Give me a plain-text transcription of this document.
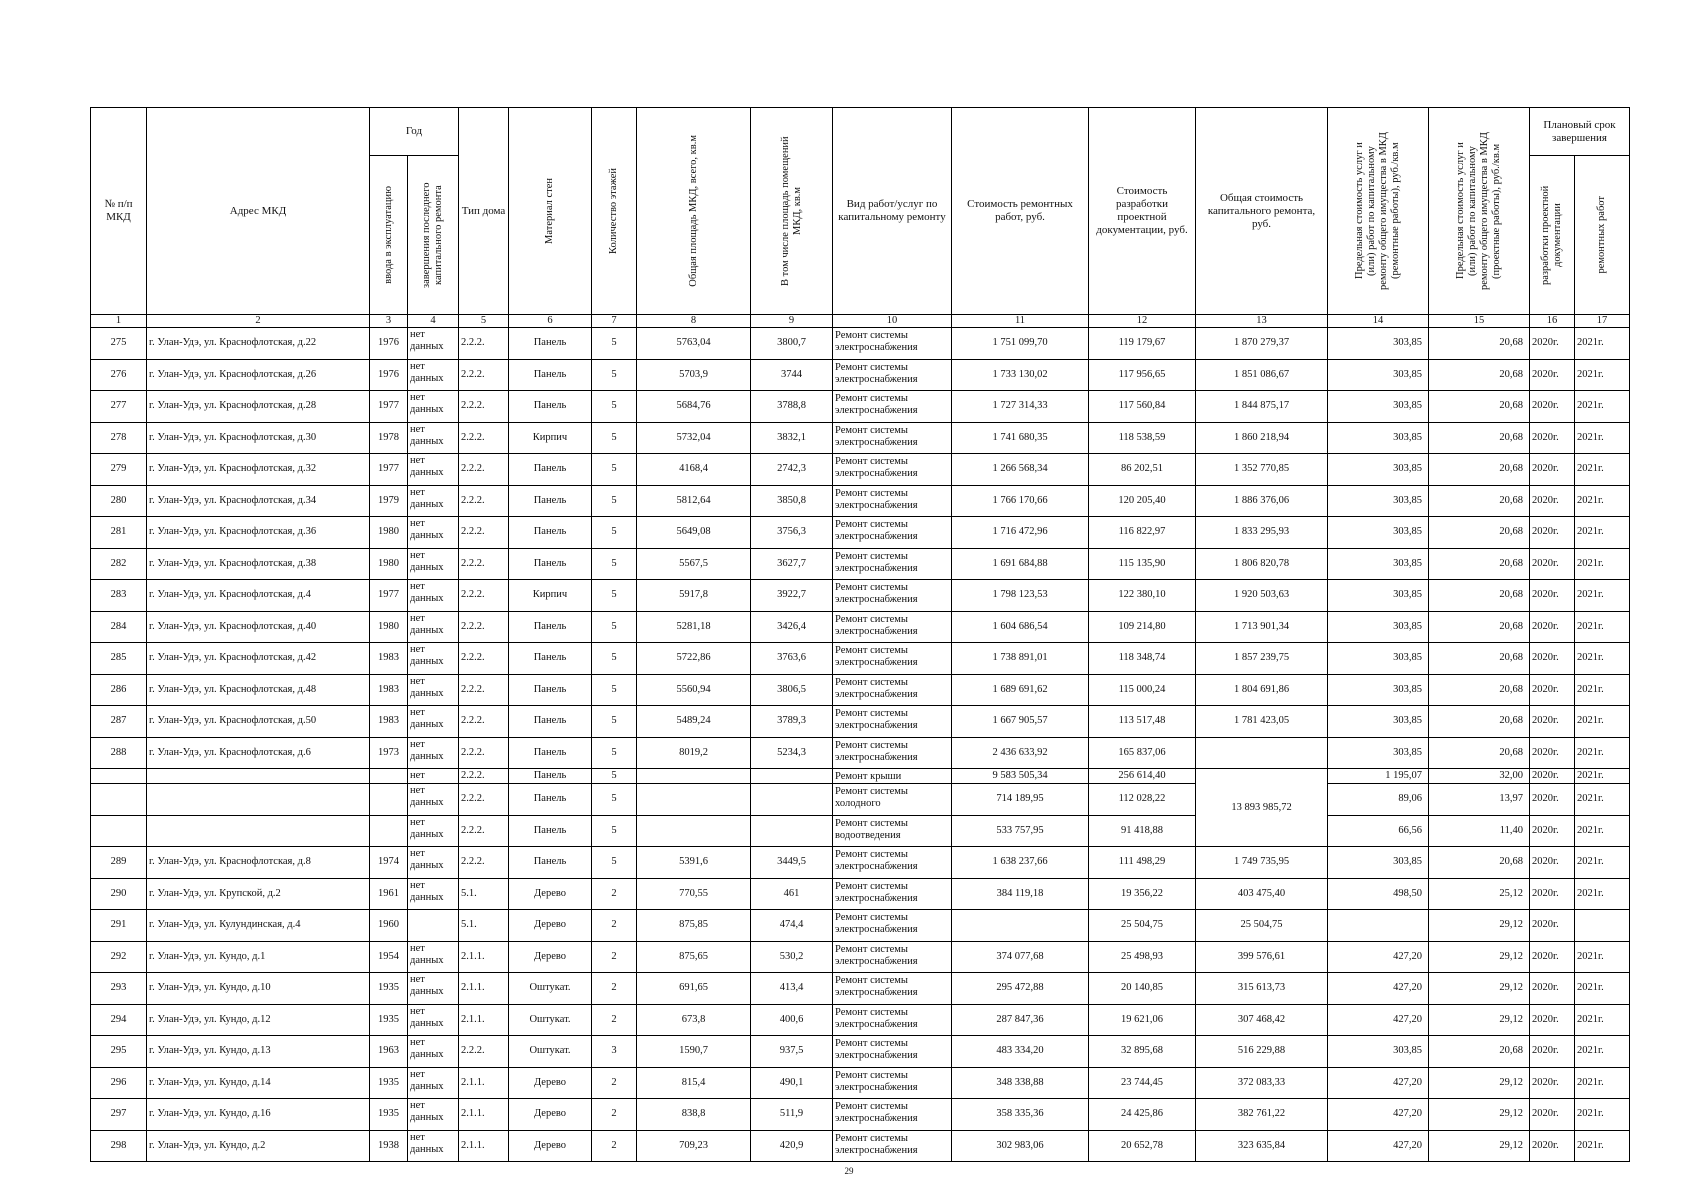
№ п/п МКД	Адрес МКД	Год		Тип дома	Материал стен	Количество этажей	Общая площадь МКД, всего, кв.м	В том числе площадь помещений МКД, кв.м	Вид работ/услуг по капитальному ремонту	Стоимость ремонтных работ, руб.	Стоимость разработки проектной документации, руб.	Общая стоимость капитального ремонта, руб.	Предельная стоимость услуг и (или) работ по капитальному ремонту общего имущества в МКД (ремонтные работы), руб./кв.м	Предельная стоимость услуг и (или) работ по капитальному ремонту общего имущества в МКД (проектные работы), руб./кв.м	Плановый срок завершения	

		ввода в эксплуатацию	завершения последнего капитального ремонта												разработки проектной документации	ремонтных работ

1	2	3	4	5	6	7	8	9	10	11	12	13	14	15	16	17
275	г. Улан-Удэ, ул. Краснофлотская, д.22	1976	нет данных	2.2.2.	Панель	5	5763,04	3800,7	Ремонт системы электроснабжения	1 751 099,70	119 179,67	1 870 279,37	303,85	20,68	2020г.	2021г.
276	г. Улан-Удэ, ул. Краснофлотская, д.26	1976	нет данных	2.2.2.	Панель	5	5703,9	3744	Ремонт системы электроснабжения	1 733 130,02	117 956,65	1 851 086,67	303,85	20,68	2020г.	2021г.
277	г. Улан-Удэ, ул. Краснофлотская, д.28	1977	нет данных	2.2.2.	Панель	5	5684,76	3788,8	Ремонт системы электроснабжения	1 727 314,33	117 560,84	1 844 875,17	303,85	20,68	2020г.	2021г.
278	г. Улан-Удэ, ул. Краснофлотская, д.30	1978	нет данных	2.2.2.	Кирпич	5	5732,04	3832,1	Ремонт системы электроснабжения	1 741 680,35	118 538,59	1 860 218,94	303,85	20,68	2020г.	2021г.
279	г. Улан-Удэ, ул. Краснофлотская, д.32	1977	нет данных	2.2.2.	Панель	5	4168,4	2742,3	Ремонт системы электроснабжения	1 266 568,34	86 202,51	1 352 770,85	303,85	20,68	2020г.	2021г.
280	г. Улан-Удэ, ул. Краснофлотская, д.34	1979	нет данных	2.2.2.	Панель	5	5812,64	3850,8	Ремонт системы электроснабжения	1 766 170,66	120 205,40	1 886 376,06	303,85	20,68	2020г.	2021г.
281	г. Улан-Удэ, ул. Краснофлотская, д.36	1980	нет данных	2.2.2.	Панель	5	5649,08	3756,3	Ремонт системы электроснабжения	1 716 472,96	116 822,97	1 833 295,93	303,85	20,68	2020г.	2021г.
282	г. Улан-Удэ, ул. Краснофлотская, д.38	1980	нет данных	2.2.2.	Панель	5	5567,5	3627,7	Ремонт системы электроснабжения	1 691 684,88	115 135,90	1 806 820,78	303,85	20,68	2020г.	2021г.
283	г. Улан-Удэ, ул. Краснофлотская, д.4	1977	нет данных	2.2.2.	Кирпич	5	5917,8	3922,7	Ремонт системы электроснабжения	1 798 123,53	122 380,10	1 920 503,63	303,85	20,68	2020г.	2021г.
284	г. Улан-Удэ, ул. Краснофлотская, д.40	1980	нет данных	2.2.2.	Панель	5	5281,18	3426,4	Ремонт системы электроснабжения	1 604 686,54	109 214,80	1 713 901,34	303,85	20,68	2020г.	2021г.
285	г. Улан-Удэ, ул. Краснофлотская, д.42	1983	нет данных	2.2.2.	Панель	5	5722,86	3763,6	Ремонт системы электроснабжения	1 738 891,01	118 348,74	1 857 239,75	303,85	20,68	2020г.	2021г.
286	г. Улан-Удэ, ул. Краснофлотская, д.48	1983	нет данных	2.2.2.	Панель	5	5560,94	3806,5	Ремонт системы электроснабжения	1 689 691,62	115 000,24	1 804 691,86	303,85	20,68	2020г.	2021г.
287	г. Улан-Удэ, ул. Краснофлотская, д.50	1983	нет данных	2.2.2.	Панель	5	5489,24	3789,3	Ремонт системы электроснабжения	1 667 905,57	113 517,48	1 781 423,05	303,85	20,68	2020г.	2021г.
288	г. Улан-Удэ, ул. Краснофлотская, д.6	1973	нет данных	2.2.2.	Панель	5	8019,2	5234,3	Ремонт системы электроснабжения	2 436 633,92	165 837,06		303,85	20,68	2020г.	2021г.
			нет	2.2.2.	Панель	5			Ремонт крыши	9 583 505,34	256 614,40	13 893 985,72	1 195,07	32,00	2020г.	2021г.
			нет данных	2.2.2.	Панель	5			Ремонт системы холодного	714 189,95	112 028,22		89,06	13,97	2020г.	2021г.
			нет данных	2.2.2.	Панель	5			Ремонт системы водоотведения	533 757,95	91 418,88		66,56	11,40	2020г.	2021г.
289	г. Улан-Удэ, ул. Краснофлотская, д.8	1974	нет данных	2.2.2.	Панель	5	5391,6	3449,5	Ремонт системы электроснабжения	1 638 237,66	111 498,29	1 749 735,95	303,85	20,68	2020г.	2021г.
290	г. Улан-Удэ, ул. Крупской, д.2	1961	нет данных	5.1.	Дерево	2	770,55	461	Ремонт системы электроснабжения	384 119,18	19 356,22	403 475,40	498,50	25,12	2020г.	2021г.
291	г. Улан-Удэ, ул. Кулундинская, д.4	1960		5.1.	Дерево	2	875,85	474,4	Ремонт системы электроснабжения		25 504,75	25 504,75		29,12	2020г.	
292	г. Улан-Удэ, ул. Кундо, д.1	1954	нет данных	2.1.1.	Дерево	2	875,65	530,2	Ремонт системы электроснабжения	374 077,68	25 498,93	399 576,61	427,20	29,12	2020г.	2021г.
293	г. Улан-Удэ, ул. Кундо, д.10	1935	нет данных	2.1.1.	Оштукат.	2	691,65	413,4	Ремонт системы электроснабжения	295 472,88	20 140,85	315 613,73	427,20	29,12	2020г.	2021г.
294	г. Улан-Удэ, ул. Кундо, д.12	1935	нет данных	2.1.1.	Оштукат.	2	673,8	400,6	Ремонт системы электроснабжения	287 847,36	19 621,06	307 468,42	427,20	29,12	2020г.	2021г.
295	г. Улан-Удэ, ул. Кундо, д.13	1963	нет данных	2.2.2.	Оштукат.	3	1590,7	937,5	Ремонт системы электроснабжения	483 334,20	32 895,68	516 229,88	303,85	20,68	2020г.	2021г.
296	г. Улан-Удэ, ул. Кундо, д.14	1935	нет данных	2.1.1.	Дерево	2	815,4	490,1	Ремонт системы электроснабжения	348 338,88	23 744,45	372 083,33	427,20	29,12	2020г.	2021г.
297	г. Улан-Удэ, ул. Кундо, д.16	1935	нет данных	2.1.1.	Дерево	2	838,8	511,9	Ремонт системы электроснабжения	358 335,36	24 425,86	382 761,22	427,20	29,12	2020г.	2021г.
298	г. Улан-Удэ, ул. Кундо, д.2	1938	нет данных	2.1.1.	Дерево	2	709,23	420,9	Ремонт системы электроснабжения	302 983,06	20 652,78	323 635,84	427,20	29,12	2020г.	2021г.
29
